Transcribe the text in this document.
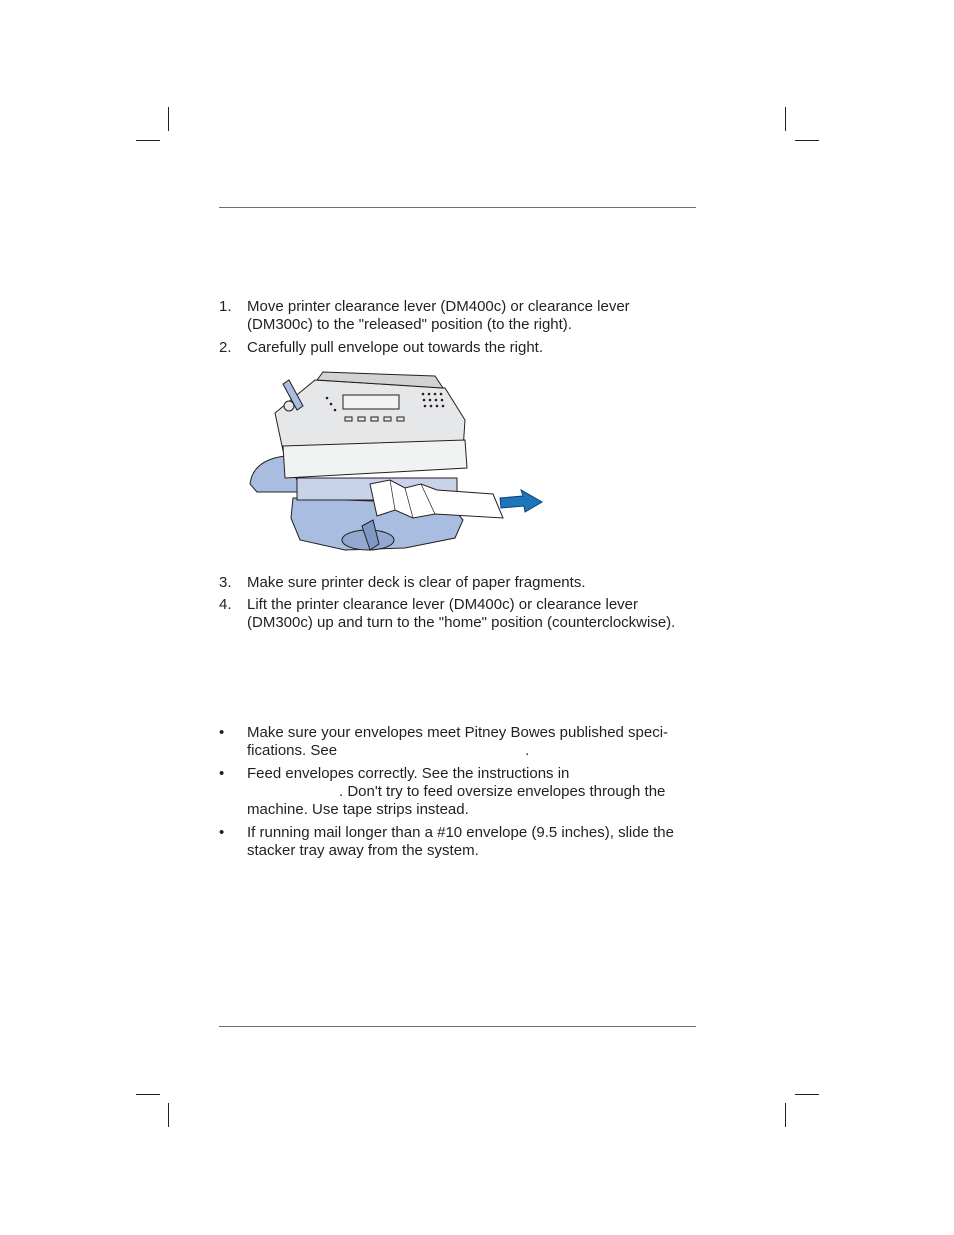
1. Move printer clearance lever (DM400c) or clearance lever
(DM300c) to the "released" position (to the right).
2. Carefully pull envelope out towards the right.
3. Make sure printer deck is clear of paper fragments.
4. Lift the printer clearance lever (DM400c) or clearance lever
(DM300c) up and turn to the "home" position (counterclockwise).
• Make sure your envelopes meet Pitney Bowes published speci-
fications. See	.
• Feed envelopes correctly. See the instructions in
. Don't try to feed oversize envelopes through the
machine. Use tape strips instead.
• If running mail longer than a #10 envelope (9.5 inches), slide the
stacker tray away from the system.
